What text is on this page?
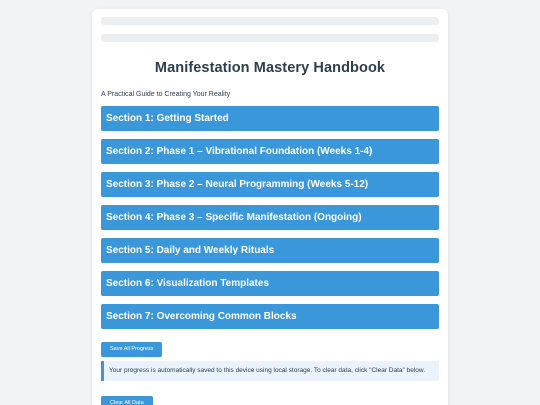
Manifestation Mastery Handbook

A Practical Guide to Creating Your Reality

Section 1: Getting Started
Section 2: Phase 1 – Vibrational Foundation (Weeks 1-4)
Section 3: Phase 2 – Neural Programming (Weeks 5-12)
Section 4: Phase 3 – Specific Manifestation (Ongoing)
Section 5: Daily and Weekly Rituals
Section 6: Visualization Templates
Section 7: Overcoming Common Blocks
Save All Progress
Your progress is automatically saved to this device using local storage. To clear data, click "Clear Data" below.
Clear All Data
